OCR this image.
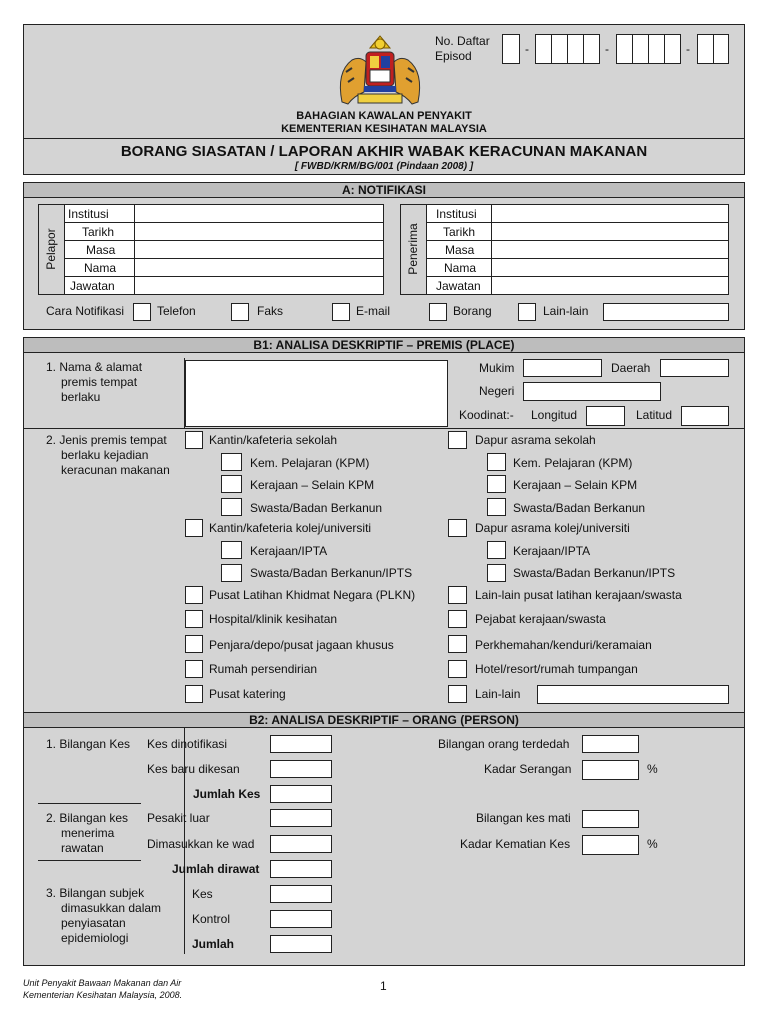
No. Daftar
Episod	-	-	-
BAHAGIAN KAWALAN PENYAKIT
KEMENTERIAN KESIHATAN MALAYSIA
BORANG SIASATAN / LAPORAN AKHIR WABAK KERACUNAN MAKANAN
[ FWBD/KRM/BG/001 (Pindaan 2008) ]
A: NOTIFIKASI
Pelapor
Institusi
Tarikh
Masa
Nama
Jawatan
Penerima
Institusi
Tarikh
Masa
Nama
Jawatan
Cara Notifikasi	Telefon	Faks	E-mail	Borang	Lain-lain
B1: ANALISA DESKRIPTIF – PREMIS (PLACE)
1. Nama & alamat
premis tempat
berlaku
Mukim	Daerah
Negeri
Koodinat:- Longitud	Latitud
2. Jenis premis tempat
berlaku kejadian
keracunan makanan
Kantin/kafeteria sekolah
Kem. Pelajaran (KPM)
Kerajaan – Selain KPM
Swasta/Badan Berkanun
Kantin/kafeteria kolej/universiti
Kerajaan/IPTA
Swasta/Badan Berkanun/IPTS
Pusat Latihan Khidmat Negara (PLKN)
Hospital/klinik kesihatan
Penjara/depo/pusat jagaan khusus
Rumah persendirian
Pusat katering
Dapur asrama sekolah
Kem. Pelajaran (KPM)
Kerajaan – Selain KPM
Swasta/Badan Berkanun
Dapur asrama kolej/universiti
Kerajaan/IPTA
Swasta/Badan Berkanun/IPTS
Lain-lain pusat latihan kerajaan/swasta
Pejabat kerajaan/swasta
Perkhemahan/kenduri/keramaian
Hotel/resort/rumah tumpangan
Lain-lain
B2: ANALISA DESKRIPTIF – ORANG (PERSON)
1. Bilangan Kes Kes dinotifikasi
Kes baru dikesan
Jumlah Kes
Bilangan orang terdedah
Kadar Serangan	%
2. Bilangan kes
menerima
rawatan
Pesakit luar
Dimasukkan ke wad
Jumlah dirawat
Bilangan kes mati
Kadar Kematian Kes	%
3. Bilangan subjek
dimasukkan dalam
penyiasatan
epidemiologi
Kes
Kontrol
Jumlah
Unit Penyakit Bawaan Makanan dan Air
Kementerian Kesihatan Malaysia, 2008.
1
